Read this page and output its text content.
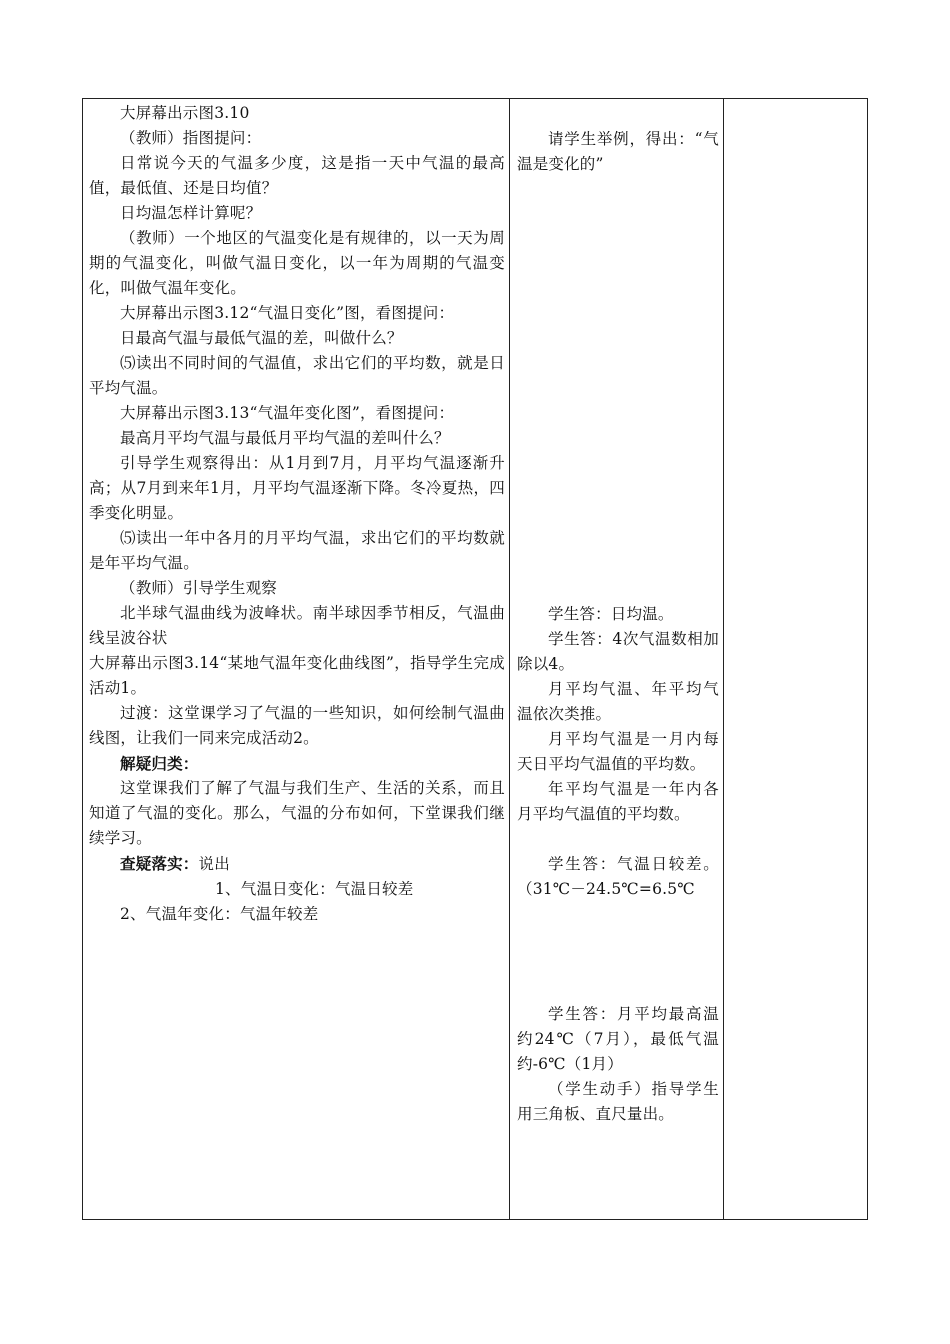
大屏幕出示图3.10

（教师）指图提问：

日常说今天的气温多少度，这是指一天中气温的最高值，最低值、还是日均值？

日均温怎样计算呢？

（教师）一个地区的气温变化是有规律的，以一天为周期的气温变化，叫做气温日变化，以一年为周期的气温变化，叫做气温年变化。

大屏幕出示图3.12“气温日变化”图，看图提问：

日最高气温与最低气温的差，叫做什么？

⑸读出不同时间的气温值，求出它们的平均数，就是日平均气温。

大屏幕出示图3.13“气温年变化图”，看图提问：

最高月平均气温与最低月平均气温的差叫什么？

引导学生观察得出：从1月到7月，月平均气温逐渐升高；从7月到来年1月，月平均气温逐渐下降。冬冷夏热，四季变化明显。

⑸读出一年中各月的月平均气温，求出它们的平均数就是年平均气温。

（教师）引导学生观察

北半球气温曲线为波峰状。南半球因季节相反，气温曲线呈波谷状

大屏幕出示图3.14“某地气温年变化曲线图”，指导学生完成活动1。

过渡：这堂课学习了气温的一些知识，如何绘制气温曲线图，让我们一同来完成活动2。

解疑归类：

这堂课我们了解了气温与我们生产、生活的关系，而且知道了气温的变化。那么，气温的分布如何，下堂课我们继续学习。

查疑落实：说出

1、气温日变化：气温日较差

2、气温年变化：气温年较差

请学生举例，得出：“气温是变化的”

学生答：日均温。

学生答：4次气温数相加除以4。

月平均气温、年平均气温依次类推。

月平均气温是一月内每天日平均气温值的平均数。

年平均气温是一年内各月平均气温值的平均数。

学生答：气温日较差。（31℃－24.5℃=6.5℃

学生答：月平均最高温约24℃（7月），最低气温约-6℃（1月）

（学生动手）指导学生用三角板、直尺量出。
